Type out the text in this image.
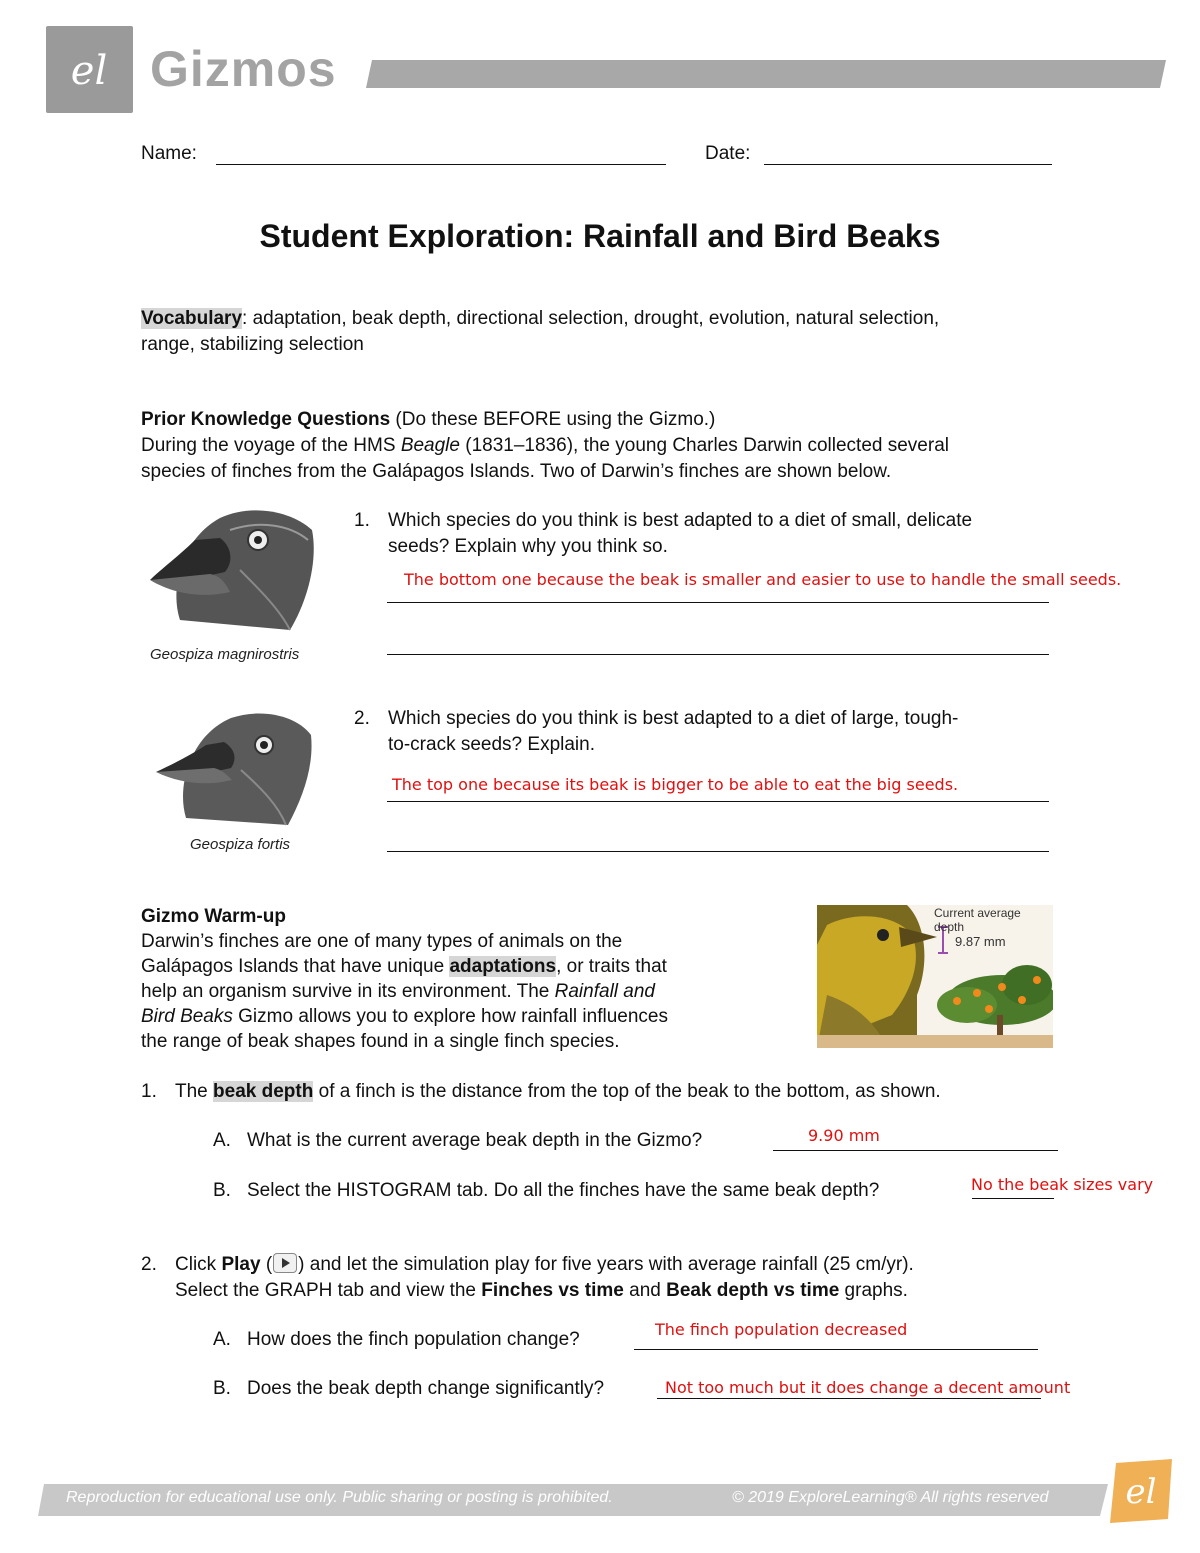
el Gizmos
Name:	Date:
Student Exploration: Rainfall and Bird Beaks
Vocabulary: adaptation, beak depth, directional selection, drought, evolution, natural selection,
range, stabilizing selection
Prior Knowledge Questions (Do these BEFORE using the Gizmo.)
During the voyage of the HMS Beagle (1831–1836), the young Charles Darwin collected several
species of finches from the Galápagos Islands. Two of Darwin’s finches are shown below.
Geospiza magnirostris
Geospiza fortis
1. Which species do you think is best adapted to a diet of small, delicate
seeds? Explain why you think so.
The bottom one because the beak is smaller and easier to use to handle the small seeds.
2. Which species do you think is best adapted to a diet of large, tough-
to-crack seeds? Explain.
The top one because its beak is bigger to be able to eat the big seeds.
Gizmo Warm-up
Darwin’s finches are one of many types of animals on the
Galápagos Islands that have unique adaptations, or traits that
help an organism survive in its environment. The Rainfall and
Bird Beaks Gizmo allows you to explore how rainfall influences
the range of beak shapes found in a single finch species.
Current average depth
9.87 mm
1. The beak depth of a finch is the distance from the top of the beak to the bottom, as shown.
A. What is the current average beak depth in the Gizmo?	9.90 mm
B. Select the HISTOGRAM tab. Do all the finches have the same beak depth?	No the beak sizes vary
2. Click Play ( ) and let the simulation play for five years with average rainfall (25 cm/yr).
Select the GRAPH tab and view the Finches vs time and Beak depth vs time graphs.
A. How does the finch population change?	The finch population decreased
B. Does the beak depth change significantly?	Not too much but it does change a decent amount
Reproduction for educational use only. Public sharing or posting is prohibited.	© 2019 ExploreLearning® All rights reserved el
